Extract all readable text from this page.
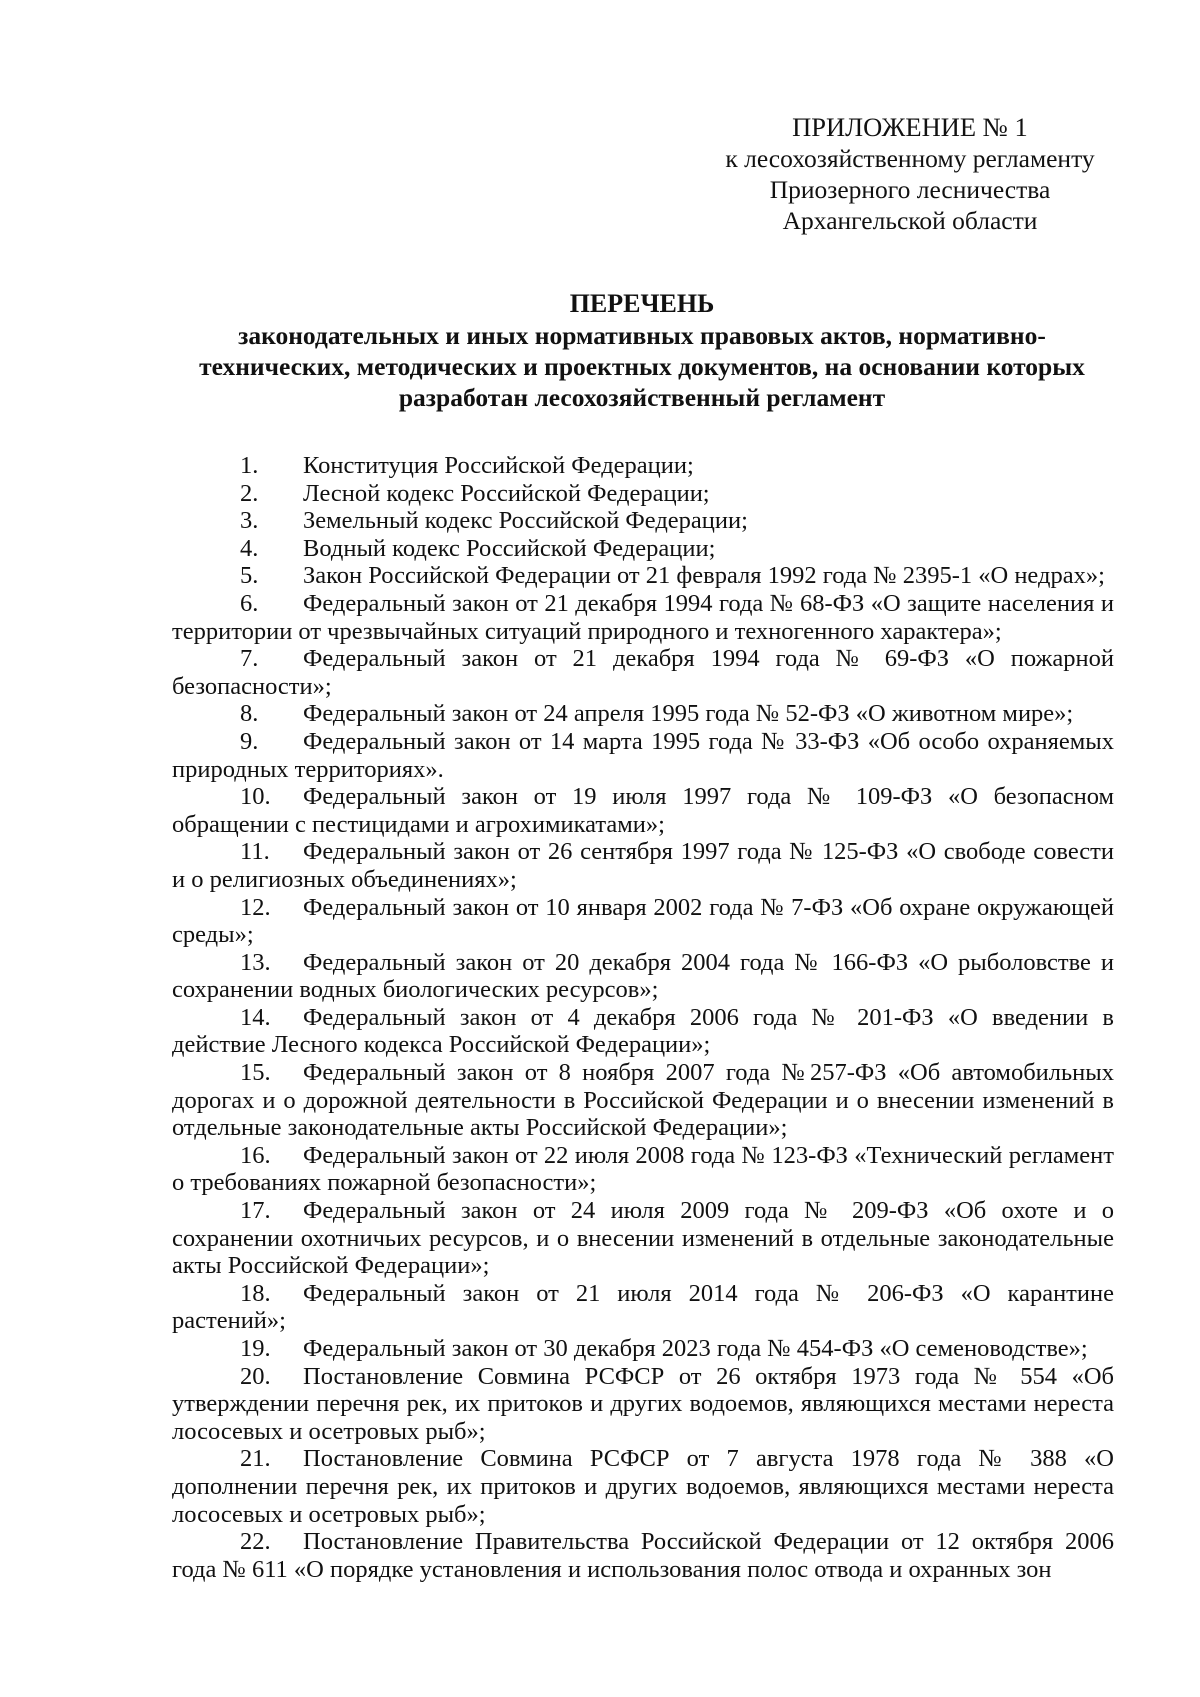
ПРИЛОЖЕНИЕ № 1
к лесохозяйственному регламенту
Приозерного лесничества
Архангельской области
ПЕРЕЧЕНЬ
законодательных и иных нормативных правовых актов, нормативно-технических, методических и проектных документов, на основании которых разработан лесохозяйственный регламент

1. Конституция Российской Федерации;

2. Лесной кодекс Российской Федерации;

3. Земельный кодекс Российской Федерации;

4. Водный кодекс Российской Федерации;

5. Закон Российской Федерации от 21 февраля 1992 года № 2395-1 «О недрах»;

6. Федеральный закон от 21 декабря 1994 года № 68-ФЗ «О защите населения и территории от чрезвычайных ситуаций природного и техногенного характера»;

7. Федеральный закон от 21 декабря 1994 года № 69-ФЗ «О пожарной безопасности»;

8. Федеральный закон от 24 апреля 1995 года № 52-ФЗ «О животном мире»;

9. Федеральный закон от 14 марта 1995 года № 33-ФЗ «Об особо охраняемых природных территориях».

10. Федеральный закон от 19 июля 1997 года № 109-ФЗ «О безопасном обращении с пестицидами и агрохимикатами»;

11. Федеральный закон от 26 сентября 1997 года № 125-ФЗ «О свободе совести и о религиозных объединениях»;

12. Федеральный закон от 10 января 2002 года № 7-ФЗ «Об охране окружающей среды»;

13. Федеральный закон от 20 декабря 2004 года № 166-ФЗ «О рыболовстве и сохранении водных биологических ресурсов»;

14. Федеральный закон от 4 декабря 2006 года № 201-ФЗ «О введении в действие Лесного кодекса Российской Федерации»;

15. Федеральный закон от 8 ноября 2007 года №257-ФЗ «Об автомобильных дорогах и о дорожной деятельности в Российской Федерации и о внесении изменений в отдельные законодательные акты Российской Федерации»;

16. Федеральный закон от 22 июля 2008 года № 123-ФЗ «Технический регламент о требованиях пожарной безопасности»;

17. Федеральный закон от 24 июля 2009 года № 209-ФЗ «Об охоте и о сохранении охотничьих ресурсов, и о внесении изменений в отдельные законодательные акты Российской Федерации»;

18. Федеральный закон от 21 июля 2014 года № 206-ФЗ «О карантине растений»;

19. Федеральный закон от 30 декабря 2023 года № 454-ФЗ «О семеноводстве»;

20. Постановление Совмина РСФСР от 26 октября 1973 года № 554 «Об утверждении перечня рек, их притоков и других водоемов, являющихся местами нереста лососевых и осетровых рыб»;

21. Постановление Совмина РСФСР от 7 августа 1978 года № 388 «О дополнении перечня рек, их притоков и других водоемов, являющихся местами нереста лососевых и осетровых рыб»;

22. Постановление Правительства Российской Федерации от 12 октября 2006 года № 611 «О порядке установления и использования полос отвода и охранных зон
